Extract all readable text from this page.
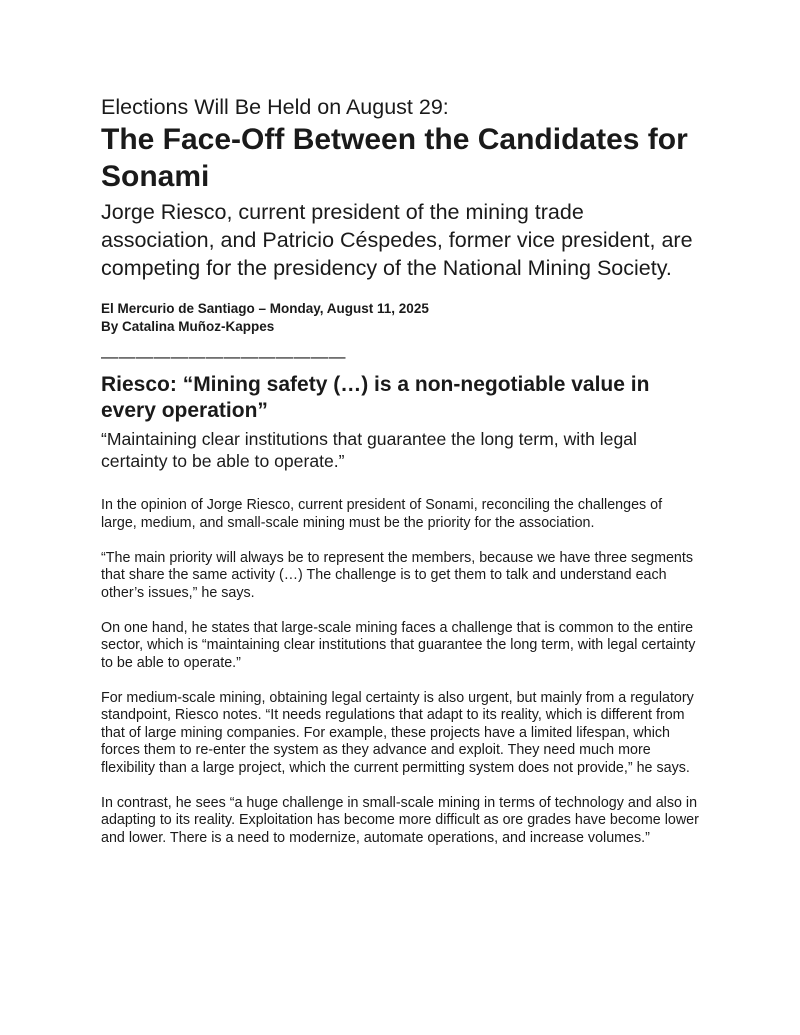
Elections Will Be Held on August 29:
The Face-Off Between the Candidates for Sonami

Jorge Riesco, current president of the mining trade association, and Patricio Céspedes, former vice president, are competing for the presidency of the National Mining Society.

El Mercurio de Santiago – Monday, August 11, 2025
By Catalina Muñoz-Kappes
——————————————
Riesco: “Mining safety (…) is a non-negotiable value in every operation”

“Maintaining clear institutions that guarantee the long term, with legal certainty to be able to operate.”

In the opinion of Jorge Riesco, current president of Sonami, reconciling the challenges of large, medium, and small-scale mining must be the priority for the association.

“The main priority will always be to represent the members, because we have three segments that share the same activity (…) The challenge is to get them to talk and understand each other’s issues,” he says.

On one hand, he states that large-scale mining faces a challenge that is common to the entire sector, which is “maintaining clear institutions that guarantee the long term, with legal certainty to be able to operate.”

For medium-scale mining, obtaining legal certainty is also urgent, but mainly from a regulatory standpoint, Riesco notes. “It needs regulations that adapt to its reality, which is different from that of large mining companies. For example, these projects have a limited lifespan, which forces them to re-enter the system as they advance and exploit. They need much more flexibility than a large project, which the current permitting system does not provide,” he says.

In contrast, he sees “a huge challenge in small-scale mining in terms of technology and also in adapting to its reality. Exploitation has become more difficult as ore grades have become lower and lower. There is a need to modernize, automate operations, and increase volumes.”
